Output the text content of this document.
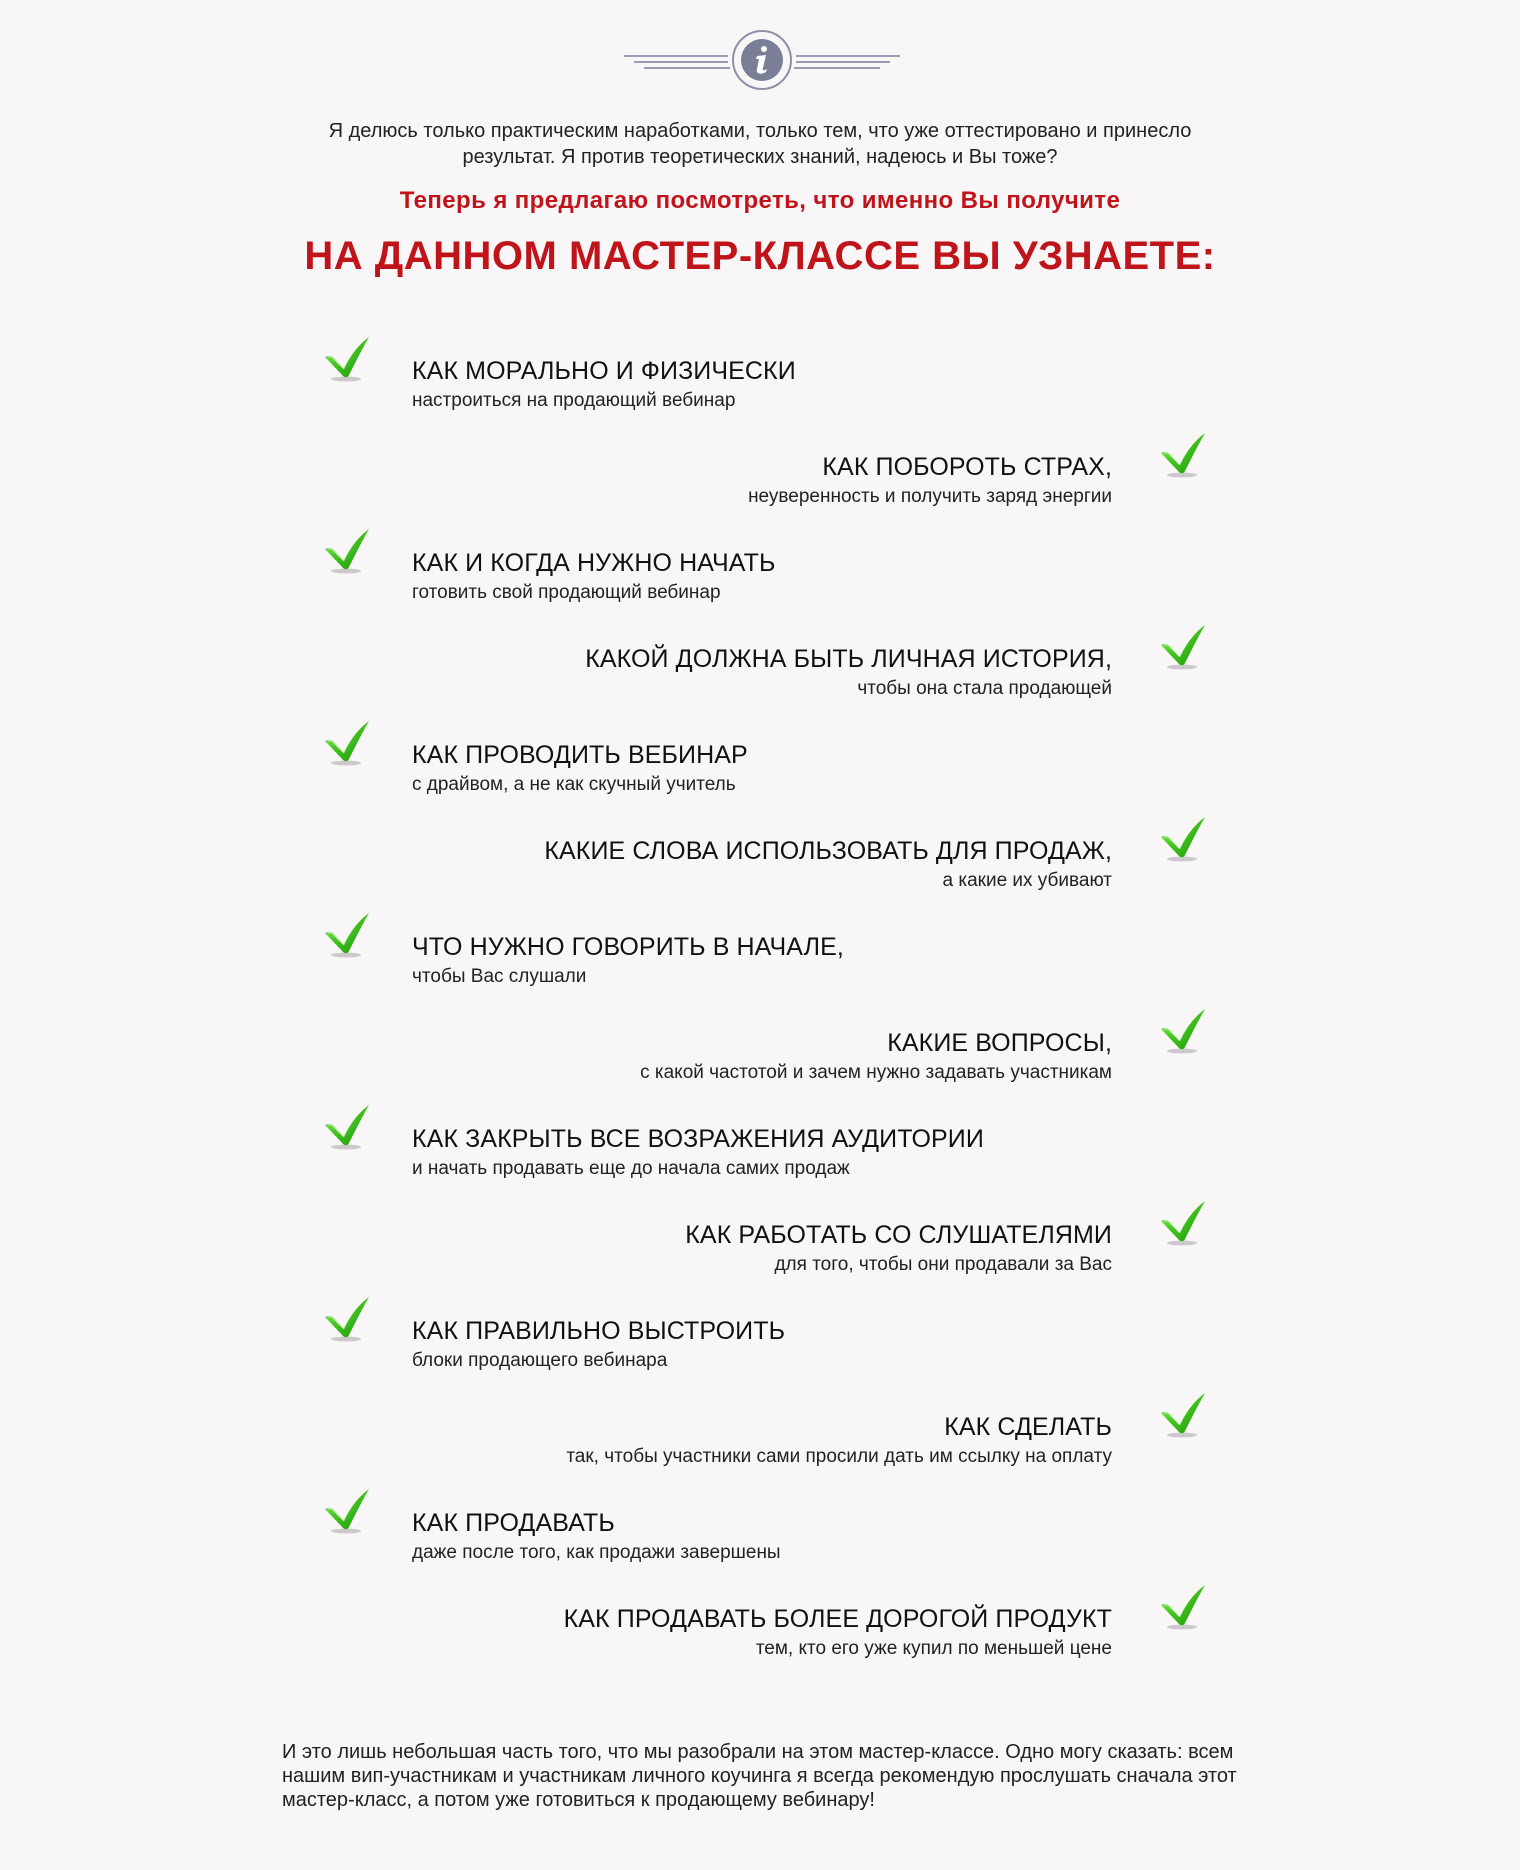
Я делюсь только практическим наработками, только тем, что уже оттестировано и принесло результат. Я против теоретических знаний, надеюсь и Вы тоже?
Теперь я предлагаю посмотреть, что именно Вы получите
НА ДАННОМ МАСТЕР-КЛАССЕ ВЫ УЗНАЕТЕ:
КАК МОРАЛЬНО И ФИЗИЧЕСКИ
настроиться на продающий вебинар
КАК ПОБОРОТЬ СТРАХ,
неуверенность и получить заряд энергии
КАК И КОГДА НУЖНО НАЧАТЬ
готовить свой продающий вебинар
КАКОЙ ДОЛЖНА БЫТЬ ЛИЧНАЯ ИСТОРИЯ,
чтобы она стала продающей
КАК ПРОВОДИТЬ ВЕБИНАР
с драйвом, а не как скучный учитель
КАКИЕ СЛОВА ИСПОЛЬЗОВАТЬ ДЛЯ ПРОДАЖ,
а какие их убивают
ЧТО НУЖНО ГОВОРИТЬ В НАЧАЛЕ,
чтобы Вас слушали
КАКИЕ ВОПРОСЫ,
с какой частотой и зачем нужно задавать участникам
КАК ЗАКРЫТЬ ВСЕ ВОЗРАЖЕНИЯ АУДИТОРИИ
и начать продавать еще до начала самих продаж
КАК РАБОТАТЬ СО СЛУШАТЕЛЯМИ
для того, чтобы они продавали за Вас
КАК ПРАВИЛЬНО ВЫСТРОИТЬ
блоки продающего вебинара
КАК СДЕЛАТЬ
так, чтобы участники сами просили дать им ссылку на оплату
КАК ПРОДАВАТЬ
даже после того, как продажи завершены
КАК ПРОДАВАТЬ БОЛЕЕ ДОРОГОЙ ПРОДУКТ
тем, кто его уже купил по меньшей цене
И это лишь небольшая часть того, что мы разобрали на этом мастер-классе. Одно могу сказать: всем нашим вип-участникам и участникам личного коучинга я всегда рекомендую прослушать сначала этот мастер-класс, а потом уже готовиться к продающему вебинару!
